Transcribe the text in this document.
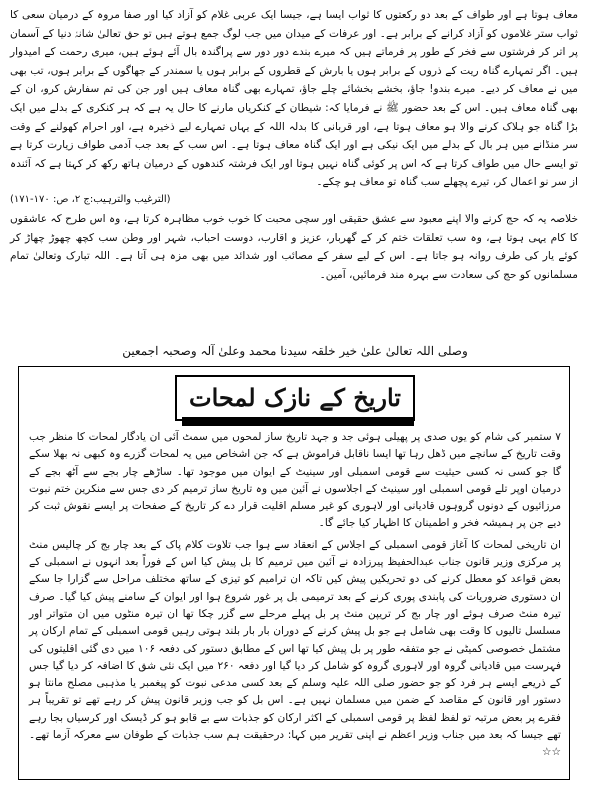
معاف ہوتا ہے اور طواف کے بعد دو رکعتوں کا ثواب ایسا ہے، جیسا ایک عربی غلام کو آزاد کیا اور صفا مروہ کے درمیان سعی کا ثواب ستر غلاموں کو آزاد کرانے کے برابر ہے۔ اور عرفات کے میدان میں جب لوگ جمع ہوتے ہیں تو حق تعالیٰ شانہٗ دنیا کے آسمان پر اتر کر فرشتوں سے فخر کے طور پر فرماتے ہیں کہ میرے بندے دور دور سے پراگندہ بال آئے ہوئے ہیں، میری رحمت کے امیدوار ہیں۔ اگر تمہارے گناہ ریت کے ذروں کے برابر ہوں یا بارش کے قطروں کے برابر ہوں یا سمندر کے جھاگوں کے برابر ہوں، تب بھی میں نے معاف کر دیے۔ میرے بندو! جاؤ، بخشے بخشائے چلے جاؤ، تمہارے بھی گناہ معاف ہیں اور جن کی تم سفارش کرو، ان کے بھی گناہ معاف ہیں۔ اس کے بعد حضور ﷺ نے فرمایا کہ: شیطان کے کنکریاں مارنے کا حال یہ ہے کہ ہر کنکری کے بدلے میں ایک بڑا گناہ جو ہلاک کرنے والا ہو معاف ہوتا ہے، اور قربانی کا بدلہ اللہ کے یہاں تمہارے لیے ذخیرہ ہے، اور احرام کھولنے کے وقت سر منڈانے میں ہر بال کے بدلے میں ایک نیکی ہے اور ایک گناہ معاف ہوتا ہے۔ اس سب کے بعد جب آدمی طواف زیارت کرتا ہے تو ایسے حال میں طواف کرتا ہے کہ اس پر کوئی گناہ نہیں ہوتا اور ایک فرشتہ کندھوں کے درمیان ہاتھ رکھ کر کہتا ہے کہ آئندہ از سر نو اعمال کر، تیرے پچھلے سب گناہ تو معاف ہو چکے۔

(الترغیب والترہیب:ج ۲، ص: ۱۷۰-۱۷۱)

خلاصہ یہ کہ حج کرنے والا اپنے معبود سے عشق حقیقی اور سچی محبت کا خوب خوب مظاہرہ کرتا ہے، وہ اس طرح کہ عاشقوں کا کام یہی ہوتا ہے، وہ سب تعلقات ختم کر کے گھربار، عزیز و اقارب، دوست احباب، شہر اور وطن سب کچھ چھوڑ چھاڑ کر کوئے یار کی طرف روانہ ہو جاتا ہے۔ اس کے لیے سفر کے مصائب اور شدائد میں بھی مزہ ہی آتا ہے۔ اللہ تبارک وتعالیٰ تمام مسلمانوں کو حج کی سعادت سے بہرہ مند فرمائیں، آمین۔

وصلی اللہ تعالیٰ علیٰ خیر خلقہ سیدنا محمد وعلیٰ آلہ وصحبہ اجمعین
تاریخ کے نازک لمحات

۷ ستمبر کی شام کو یوں صدی پر پھیلی ہوئی جد و جہد تاریخ ساز لمحوں میں سمٹ آئی ان یادگار لمحات کا منظر جب وقت تاریخ کے سانچے میں ڈھل رہا تھا ایسا ناقابل فراموش ہے کہ جن اشخاص میں یہ لمحات گزرے وہ کبھی نہ بھلا سکے گا جو کسی نہ کسی حیثیت سے قومی اسمبلی اور سینیٹ کے ایوان میں موجود تھا۔ ساڑھے چار بجے سے آٹھ بجے کے درمیان اوپر تلے قومی اسمبلی اور سینیٹ کے اجلاسوں نے آئین میں وہ تاریخ ساز ترمیم کر دی جس سے منکرین ختم نبوت مرزائیوں کے دونوں گروہوں قادیانی اور لاہوری کو غیر مسلم اقلیت قرار دے کر تاریخ کے صفحات پر ایسے نقوش ثبت کر دیے جن پر ہمیشہ فخر و اطمینان کا اظہار کیا جائے گا۔

ان تاریخی لمحات کا آغاز قومی اسمبلی کے اجلاس کے انعقاد سے ہوا جب تلاوت کلام پاک کے بعد چار بج کر چالیس منٹ پر مرکزی وزیر قانون جناب عبدالحفیظ پیرزادہ نے آئین میں ترمیم کا بل پیش کیا اس کے فوراً بعد انہوں نے اسمبلی کے بعض قواعد کو معطل کرنے کی دو تحریکیں پیش کیں تاکہ ان ترامیم کو تیزی کے ساتھ مختلف مراحل سے گزارا جا سکے ان دستوری ضروریات کی پابندی پوری کرنے کے بعد ترمیمی بل پر غور شروع ہوا اور ایوان کے سامنے پیش کیا گیا۔ صرف تیرہ منٹ صرف ہوئے اور چار بج کر تریپن منٹ پر بل پہلے مرحلے سے گزر چکا تھا ان تیرہ منٹوں میں ان متواتر اور مسلسل تالیوں کا وقت بھی شامل ہے جو بل پیش کرنے کے دوران بار بار بلند ہوتی رہیں قومی اسمبلی کے تمام ارکان پر مشتمل خصوصی کمیٹی نے جو متفقہ طور پر بل پیش کیا تھا اس کے مطابق دستور کی دفعہ ۱۰۶ میں دی گئی اقلیتوں کی فہرست میں قادیانی گروہ اور لاہوری گروہ کو شامل کر دیا گیا اور دفعہ ۲۶۰ میں ایک نئی شق کا اضافہ کر دیا گیا جس کے ذریعے ایسے ہر فرد کو جو حضور صلی اللہ علیہ وسلم کے بعد کسی مدعی نبوت کو پیغمبر یا مذہبی مصلح مانتا ہو دستور اور قانون کے مقاصد کے ضمن میں مسلمان نہیں ہے۔ اس بل کو جب وزیر قانون پیش کر رہے تھے تو تقریباً ہر فقرے پر بعض مرتبہ تو لفظ لفظ پر قومی اسمبلی کے اکثر ارکان کو جذبات سے بے قابو ہو کر ڈیسک اور کرسیاں بجا رہے تھے جیسا کہ بعد میں جناب وزیر اعظم نے اپنی تقریر میں کہا: درحقیقت ہم سب جذبات کے طوفان سے معرکہ آزما تھے۔ ☆☆
